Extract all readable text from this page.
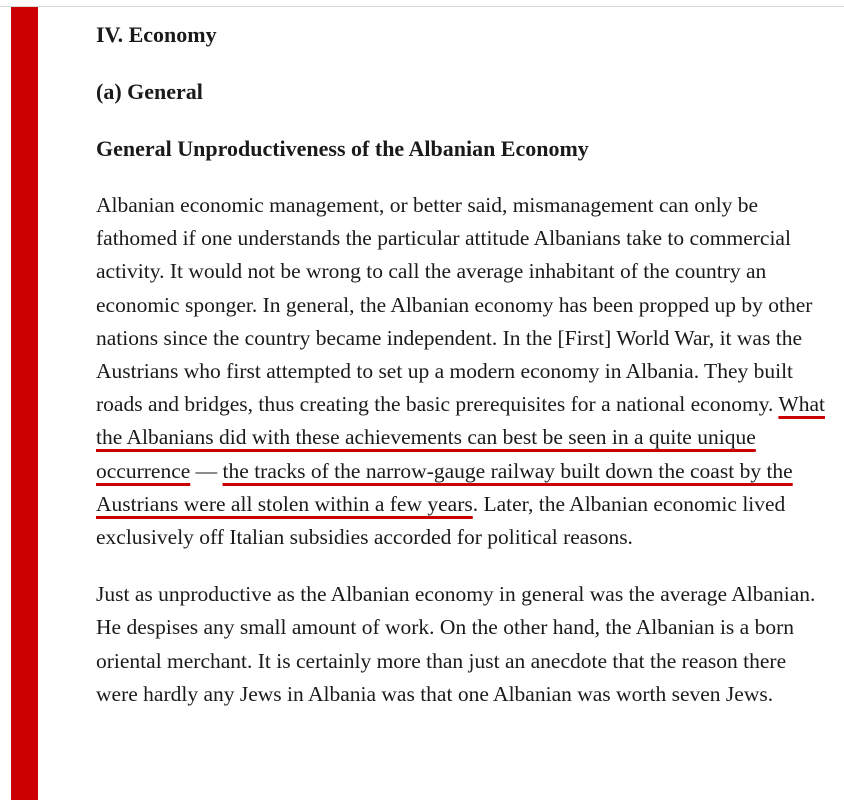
IV. Economy
(a) General
General Unproductiveness of the Albanian Economy

Albanian economic management, or better said, mismanagement can only be fathomed if one understands the particular attitude Albanians take to commercial activity. It would not be wrong to call the average inhabitant of the country an economic sponger. In general, the Albanian economy has been propped up by other nations since the country became independent. In the [First] World War, it was the Austrians who first attempted to set up a modern economy in Albania. They built roads and bridges, thus creating the basic prerequisites for a national economy. What the Albanians did with these achievements can best be seen in a quite unique occurrence — the tracks of the narrow-gauge railway built down the coast by the Austrians were all stolen within a few years. Later, the Albanian economic lived exclusively off Italian subsidies accorded for political reasons.

Just as unproductive as the Albanian economy in general was the average Albanian. He despises any small amount of work. On the other hand, the Albanian is a born oriental merchant. It is certainly more than just an anecdote that the reason there were hardly any Jews in Albania was that one Albanian was worth seven Jews.
